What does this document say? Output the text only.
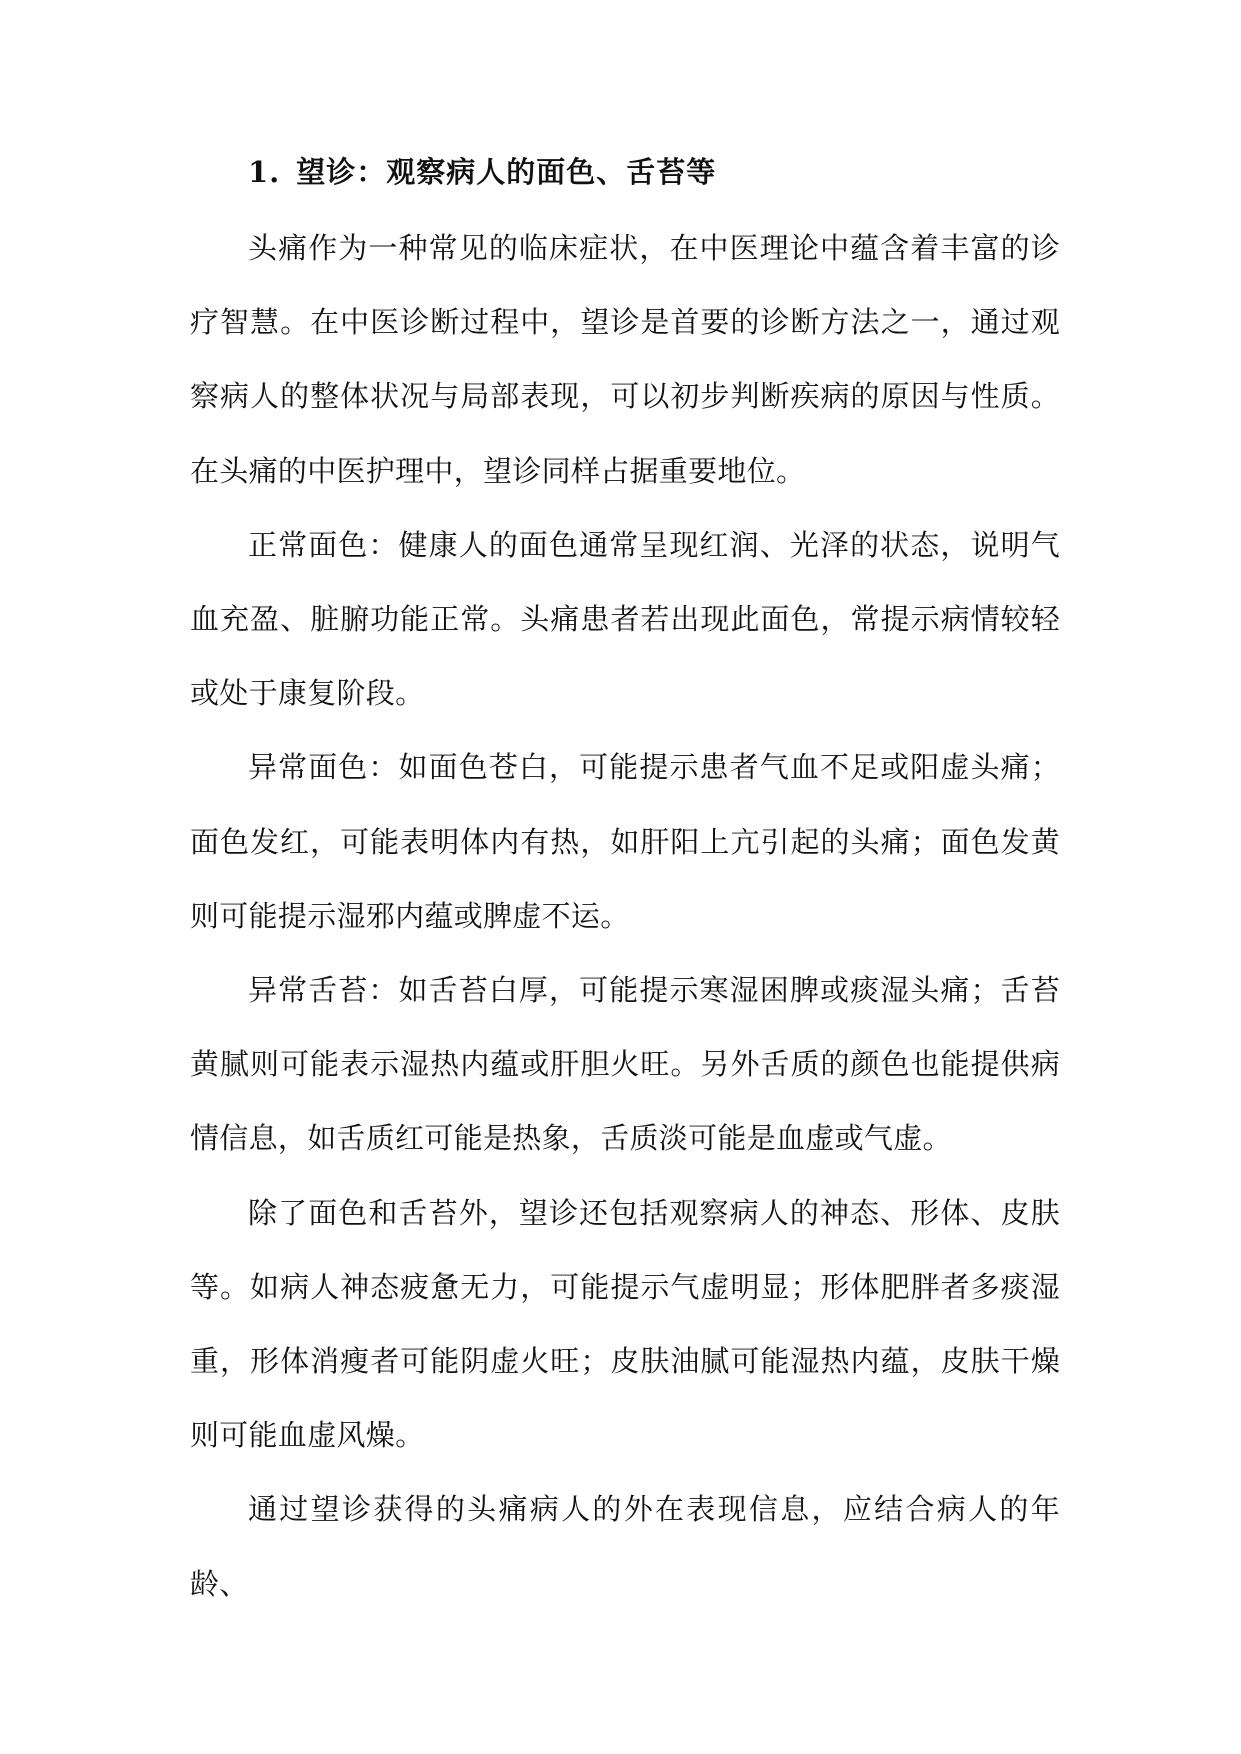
1. 望诊：观察病人的面色、舌苔等

头痛作为一种常见的临床症状，在中医理论中蕴含着丰富的诊疗智慧。在中医诊断过程中，望诊是首要的诊断方法之一，通过观察病人的整体状况与局部表现，可以初步判断疾病的原因与性质。在头痛的中医护理中，望诊同样占据重要地位。

正常面色：健康人的面色通常呈现红润、光泽的状态，说明气血充盈、脏腑功能正常。头痛患者若出现此面色，常提示病情较轻或处于康复阶段。

异常面色：如面色苍白，可能提示患者气血不足或阳虚头痛；面色发红，可能表明体内有热，如肝阳上亢引起的头痛；面色发黄则可能提示湿邪内蕴或脾虚不运。

异常舌苔：如舌苔白厚，可能提示寒湿困脾或痰湿头痛；舌苔黄腻则可能表示湿热内蕴或肝胆火旺。另外舌质的颜色也能提供病情信息，如舌质红可能是热象，舌质淡可能是血虚或气虚。

除了面色和舌苔外，望诊还包括观察病人的神态、形体、皮肤等。如病人神态疲惫无力，可能提示气虚明显；形体肥胖者多痰湿重，形体消瘦者可能阴虚火旺；皮肤油腻可能湿热内蕴，皮肤干燥则可能血虚风燥。

通过望诊获得的头痛病人的外在表现信息，应结合病人的年龄、
